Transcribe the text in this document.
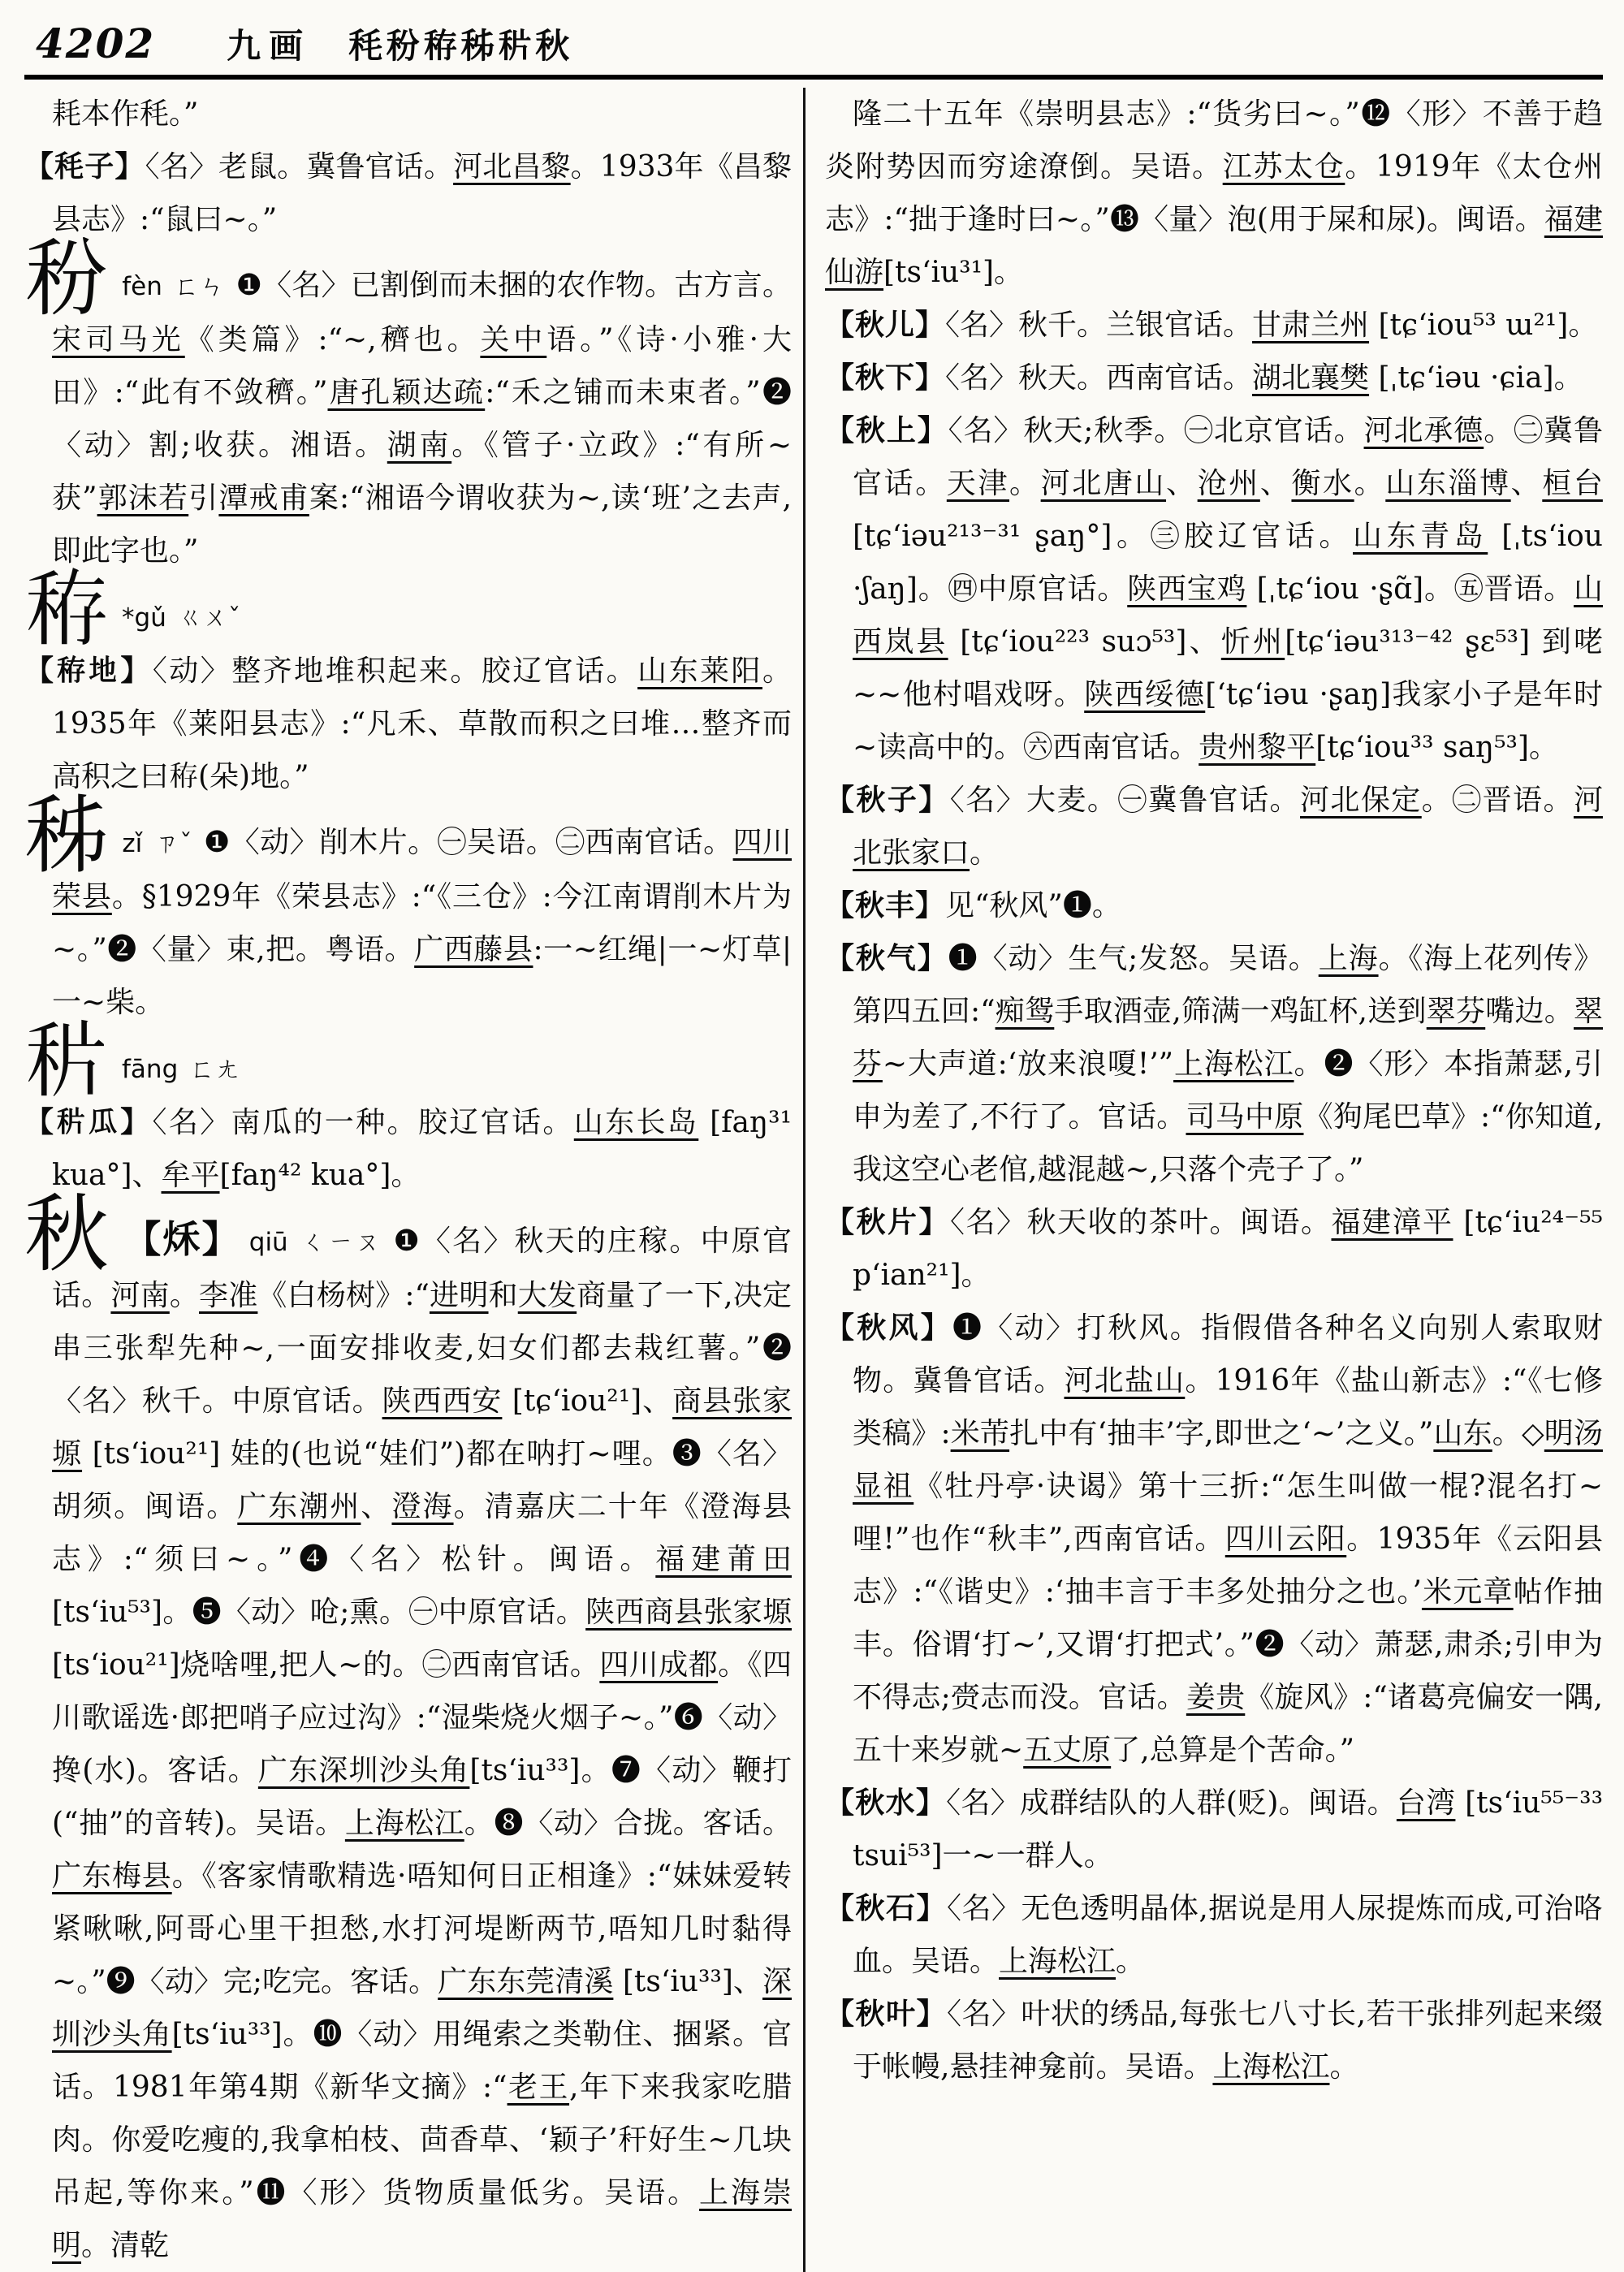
4202 九画 秏秎𥞘秭𥞄秋
耗本作秏。”
【秏子】〈名〉老鼠。冀鲁官话。河北昌黎。1933年《昌黎县志》:“鼠曰~。”
秎fèn ㄈㄣ ❶〈名〉已割倒而未捆的农作物。古方言。宋司马光《类篇》:“~,穧也。关中语。”《诗·小雅·大田》:“此有不敛穧。”唐孔颖达疏:“禾之铺而未束者。”❷〈动〉割;收获。湘语。湖南。《管子·立政》:“有所~获”郭沫若引潭戒甫案:“湘语今谓收获为~,读‘班’之去声,即此字也。”
𥞘 *gǔ ㄍㄨˇ
【𥞘地】〈动〉整齐地堆积起来。胶辽官话。山东莱阳。1935年《莱阳县志》:“凡禾、草散而积之曰堆…整齐而高积之曰𥞘(朵)地。”
秭zǐ ㄗˇ ❶〈动〉削木片。㊀吴语。㊁西南官话。四川荣县。§1929年《荣县志》:“《三仓》:今江南谓削木片为~。”❷〈量〉束,把。粤语。广西藤县:一~红绳|一~灯草|一~柴。
𥞄fāng ㄈㄤ
【𥞄瓜】〈名〉南瓜的一种。胶辽官话。山东长岛 [faŋ³¹ kua°]、牟平[faŋ⁴² kua°]。
秋 【秌】 qiū ㄑㄧㄡ ❶〈名〉秋天的庄稼。中原官话。河南。李准《白杨树》:“进明和大发商量了一下,决定串三张犁先种~,一面安排收麦,妇女们都去栽红薯。”❷〈名〉秋千。中原官话。陕西西安 [tɕʻiou²¹]、商县张家塬 [tsʻiou²¹] 娃的(也说“娃们”)都在呐打~哩。❸〈名〉胡须。闽语。广东潮州、澄海。清嘉庆二十年《澄海县志》:“须曰~。”❹〈名〉松针。闽语。福建莆田 [tsʻiu⁵³]。❺〈动〉呛;熏。㊀中原官话。陕西商县张家塬[tsʻiou²¹]烧啥哩,把人~的。㊁西南官话。四川成都。《四川歌谣选·郎把哨子应过沟》:“湿柴烧火烟子~。”❻〈动〉搀(水)。客话。广东深圳沙头角[tsʻiu³³]。❼〈动〉鞭打(“抽”的音转)。吴语。上海松江。❽〈动〉合拢。客话。广东梅县。《客家情歌精选·唔知何日正相逢》:“妹妹爱转紧啾啾,阿哥心里干担愁,水打河堤断两节,唔知几时黏得~。”❾〈动〉完;吃完。客话。广东东莞清溪 [tsʻiu³³]、深圳沙头角[tsʻiu³³]。❿〈动〉用绳索之类勒住、捆紧。官话。1981年第4期《新华文摘》:“老王,年下来我家吃腊肉。你爱吃瘦的,我拿柏枝、茴香草、‘颖子’秆好生~几块吊起,等你来。”⓫〈形〉货物质量低劣。吴语。上海崇明。清乾
隆二十五年《崇明县志》:“货劣曰~。”⓬〈形〉不善于趋炎附势因而穷途潦倒。吴语。江苏太仓。1919年《太仓州志》:“拙于逢时曰~。”⓭〈量〉泡(用于屎和尿)。闽语。福建仙游[tsʻiu³¹]。
【秋儿】〈名〉秋千。兰银官话。甘肃兰州 [tɕʻiou⁵³ ɯ²¹]。
【秋下】〈名〉秋天。西南官话。湖北襄樊 [ˌtɕʻiəu ·ɕia]。
【秋上】〈名〉秋天;秋季。㊀北京官话。河北承德。㊁冀鲁官话。天津。河北唐山、沧州、衡水。山东淄博、桓台 [tɕʻiəu²¹³⁻³¹ ʂaŋ°]。㊂胶辽官话。山东青岛 [ˌtsʻiou ·ʃaŋ]。㊃中原官话。陕西宝鸡 [ˌtɕʻiou ·ʂɑ̃]。㊄晋语。山西岚县 [tɕʻiou²²³ suɔ⁵³]、忻州[tɕʻiəu³¹³⁻⁴² ʂɛ⁵³] 到咾~~他村唱戏呀。陕西绥德[ʻtɕʻiəu ·ʂaŋ]我家小子是年时~读高中的。㊅西南官话。贵州黎平[tɕʻiou³³ saŋ⁵³]。
【秋子】〈名〉大麦。㊀冀鲁官话。河北保定。㊁晋语。河北张家口。
【秋丰】见“秋风”❶。
【秋气】❶〈动〉生气;发怒。吴语。上海。《海上花列传》第四五回:“痴鸳手取酒壶,筛满一鸡缸杯,送到翠芬嘴边。翠芬~大声道:‘放来浪嗄!’”上海松江。❷〈形〉本指萧瑟,引申为差了,不行了。官话。司马中原《狗尾巴草》:“你知道,我这空心老倌,越混越~,只落个壳子了。”
【秋片】〈名〉秋天收的茶叶。闽语。福建漳平 [tɕʻiu²⁴⁻⁵⁵ pʻian²¹]。
【秋风】❶〈动〉打秋风。指假借各种名义向别人索取财物。冀鲁官话。河北盐山。1916年《盐山新志》:“《七修类稿》:米芾扎中有‘抽丰’字,即世之‘~’之义。”山东。◇明汤显祖《牡丹亭·诀谒》第十三折:“怎生叫做一棍?混名打~哩!”也作“秋丰”,西南官话。四川云阳。1935年《云阳县志》:“《谐史》:‘抽丰言于丰多处抽分之也。’米元章帖作抽丰。俗谓‘打~’,又谓‘打把式’。”❷〈动〉萧瑟,肃杀;引申为不得志;赍志而没。官话。姜贵《旋风》:“诸葛亮偏安一隅,五十来岁就~五丈原了,总算是个苦命。”
【秋水】〈名〉成群结队的人群(贬)。闽语。台湾 [tsʻiu⁵⁵⁻³³ tsui⁵³]一~一群人。
【秋石】〈名〉无色透明晶体,据说是用人尿提炼而成,可治咯血。吴语。上海松江。
【秋叶】〈名〉叶状的绣品,每张七八寸长,若干张排列起来缀于帐幔,悬挂神龛前。吴语。上海松江。
